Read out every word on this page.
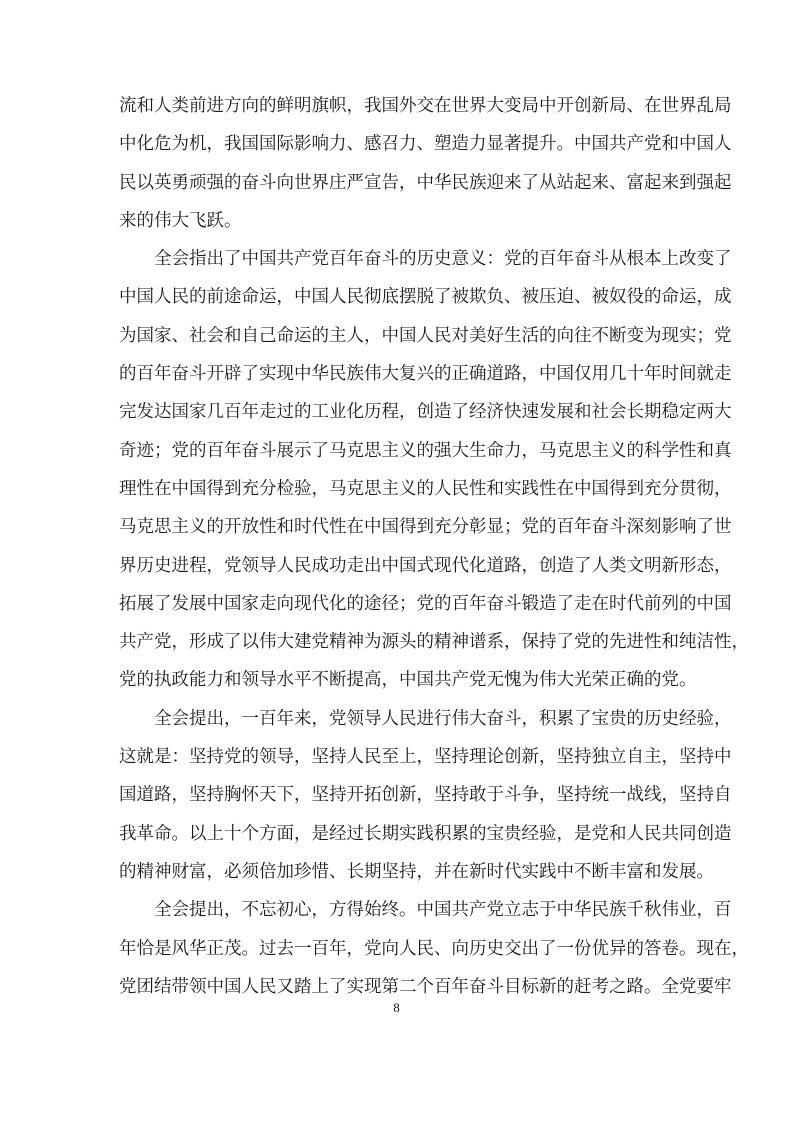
流和人类前进方向的鲜明旗帜，我国外交在世界大变局中开创新局、在世界乱局
中化危为机，我国国际影响力、感召力、塑造力显著提升。中国共产党和中国人
民以英勇顽强的奋斗向世界庄严宣告，中华民族迎来了从站起来、富起来到强起
来的伟大飞跃。
全会指出了中国共产党百年奋斗的历史意义：党的百年奋斗从根本上改变了
中国人民的前途命运，中国人民彻底摆脱了被欺负、被压迫、被奴役的命运，成
为国家、社会和自己命运的主人，中国人民对美好生活的向往不断变为现实；党
的百年奋斗开辟了实现中华民族伟大复兴的正确道路，中国仅用几十年时间就走
完发达国家几百年走过的工业化历程，创造了经济快速发展和社会长期稳定两大
奇迹；党的百年奋斗展示了马克思主义的强大生命力，马克思主义的科学性和真
理性在中国得到充分检验，马克思主义的人民性和实践性在中国得到充分贯彻，
马克思主义的开放性和时代性在中国得到充分彰显；党的百年奋斗深刻影响了世
界历史进程，党领导人民成功走出中国式现代化道路，创造了人类文明新形态，
拓展了发展中国家走向现代化的途径；党的百年奋斗锻造了走在时代前列的中国
共产党，形成了以伟大建党精神为源头的精神谱系，保持了党的先进性和纯洁性，
党的执政能力和领导水平不断提高，中国共产党无愧为伟大光荣正确的党。
全会提出，一百年来，党领导人民进行伟大奋斗，积累了宝贵的历史经验，
这就是：坚持党的领导，坚持人民至上，坚持理论创新，坚持独立自主，坚持中
国道路，坚持胸怀天下，坚持开拓创新，坚持敢于斗争，坚持统一战线，坚持自
我革命。以上十个方面，是经过长期实践积累的宝贵经验，是党和人民共同创造
的精神财富，必须倍加珍惜、长期坚持，并在新时代实践中不断丰富和发展。
全会提出，不忘初心，方得始终。中国共产党立志于中华民族千秋伟业，百
年恰是风华正茂。过去一百年，党向人民、向历史交出了一份优异的答卷。现在，
党团结带领中国人民又踏上了实现第二个百年奋斗目标新的赶考之路。全党要牢
8
